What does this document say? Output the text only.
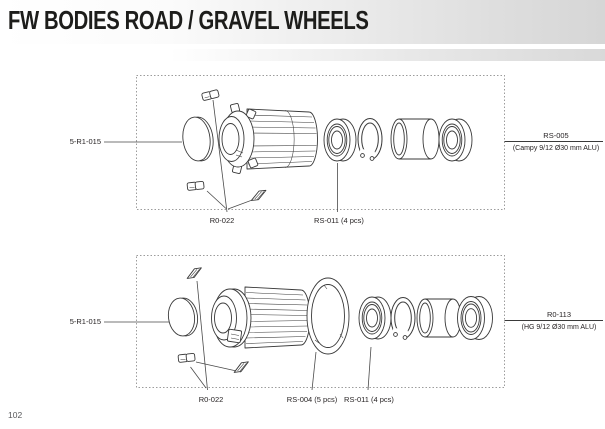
FW BODIES ROAD / GRAVEL WHEELS
5-R1-015
R0-022	RS-011 (4 pcs)
RS-005
(Campy 9/12 Ø30 mm ALU)
5-R1-015
R0-022	RS-004 (5 pcs) RS-011 (4 pcs)
R0-113
(HG 9/12 Ø30 mm ALU)
102
